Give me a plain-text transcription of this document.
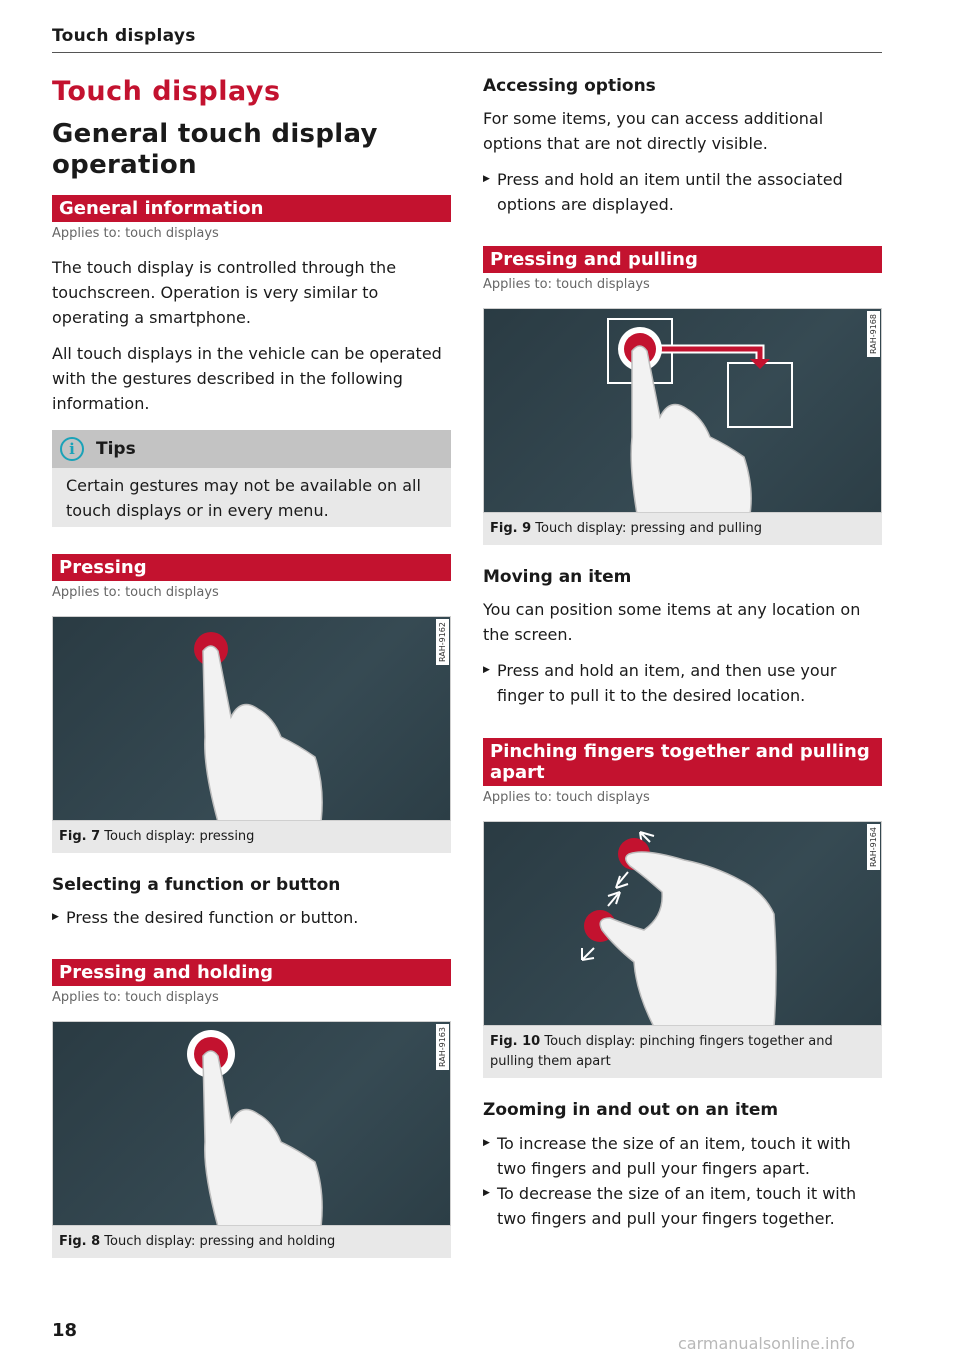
Touch displays
Touch displays
General touch display operation
General information
Applies to: touch displays

The touch display is controlled through the touchscreen. Operation is very similar to operating a smartphone.

All touch displays in the vehicle can be operated with the gestures described in the following information.

i	Tips
Certain gestures may not be available on all touch displays or in every menu.
Pressing
Applies to: touch displays
RAH-9162
Fig. 7 Touch display: pressing
Selecting a function or button
▶ Press the desired function or button.
Pressing and holding
Applies to: touch displays
RAH-9163
Fig. 8 Touch display: pressing and holding
Accessing options

For some items, you can access additional options that are not directly visible.

▶ Press and hold an item until the associated options are displayed.
Pressing and pulling
Applies to: touch displays
RAH-9168
Fig. 9 Touch display: pressing and pulling
Moving an item

You can position some items at any location on the screen.

▶ Press and hold an item, and then use your finger to pull it to the desired location.
Pinching fingers together and pulling apart
Applies to: touch displays
RAH-9164
Fig. 10 Touch display: pinching fingers together and pulling them apart
Zooming in and out on an item
▶ To increase the size of an item, touch it with two fingers and pull your fingers apart.
▶ To decrease the size of an item, touch it with two fingers and pull your fingers together.
18
carmanualsonline.info
